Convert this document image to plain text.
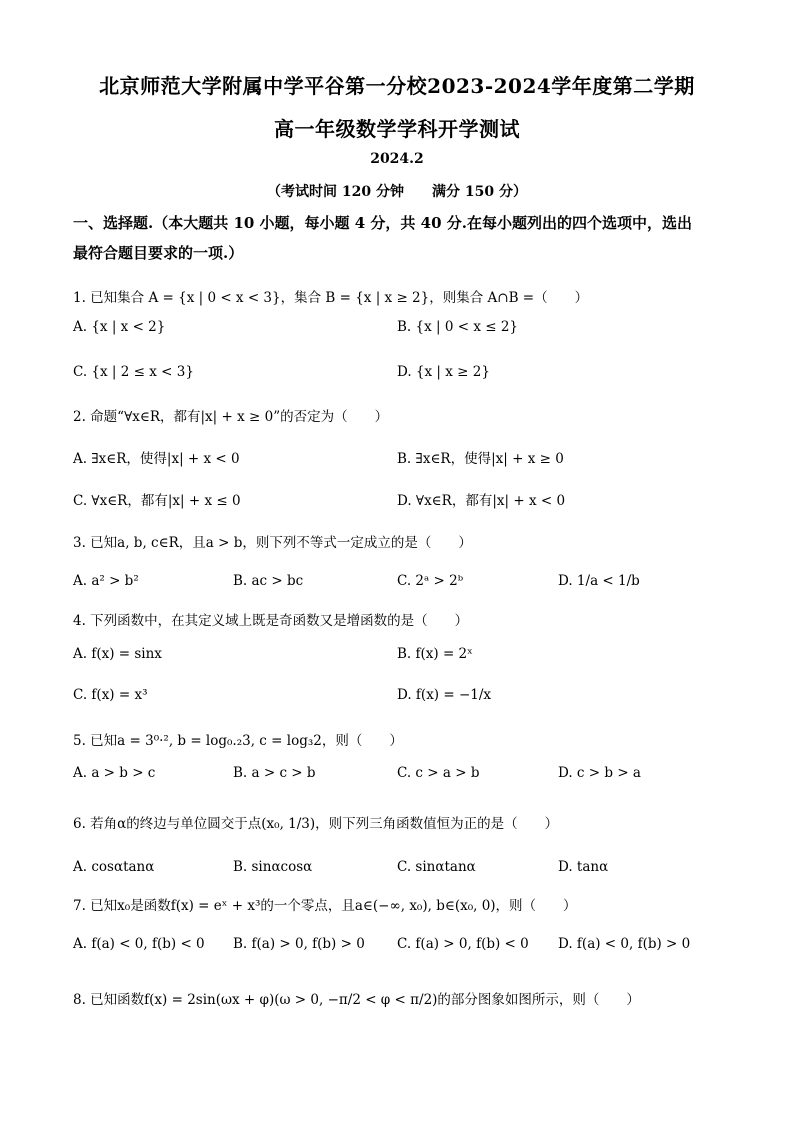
北京师范大学附属中学平谷第一分校2023-2024学年度第二学期
高一年级数学学科开学测试
2024.2
（考试时间 120 分钟　　满分 150 分）
一、选择题.（本大题共 10 小题，每小题 4 分，共 40 分.在每小题列出的四个选项中，选出
最符合题目要求的一项.）
1. 已知集合 A = {x | 0 < x < 3}，集合 B = {x | x ≥ 2}，则集合 A∩B =（　　）
A. {x | x < 2}	B. {x | 0 < x ≤ 2}
C. {x | 2 ≤ x < 3}	D. {x | x ≥ 2}
2. 命题“∀x∈R，都有|x| + x ≥ 0”的否定为（　　）
A. ∃x∈R，使得|x| + x < 0	B. ∃x∈R，使得|x| + x ≥ 0
C. ∀x∈R，都有|x| + x ≤ 0	D. ∀x∈R，都有|x| + x < 0
3. 已知a, b, c∈R，且a > b，则下列不等式一定成立的是（　　）
A. a² > b²	B. ac > bc	C. 2ᵃ > 2ᵇ	D. 1/a < 1/b
4. 下列函数中，在其定义域上既是奇函数又是增函数的是（　　）
A. f(x) = sinx	B. f(x) = 2ˣ
C. f(x) = x³	D. f(x) = −1/x
5. 已知a = 3⁰·², b = log₀.₂3, c = log₃2，则（　　）
A. a > b > c	B. a > c > b	C. c > a > b	D. c > b > a
6. 若角α的终边与单位圆交于点(x₀, 1/3)，则下列三角函数值恒为正的是（　　）
A. cosαtanα	B. sinαcosα	C. sinαtanα	D. tanα
7. 已知x₀是函数f(x) = eˣ + x³的一个零点，且a∈(−∞, x₀), b∈(x₀, 0)，则（　　）
A. f(a) < 0, f(b) < 0 B. f(a) > 0, f(b) > 0 C. f(a) > 0, f(b) < 0 D. f(a) < 0, f(b) > 0
8. 已知函数f(x) = 2sin(ωx + φ)(ω > 0, −π/2 < φ < π/2)的部分图象如图所示，则（　　）
